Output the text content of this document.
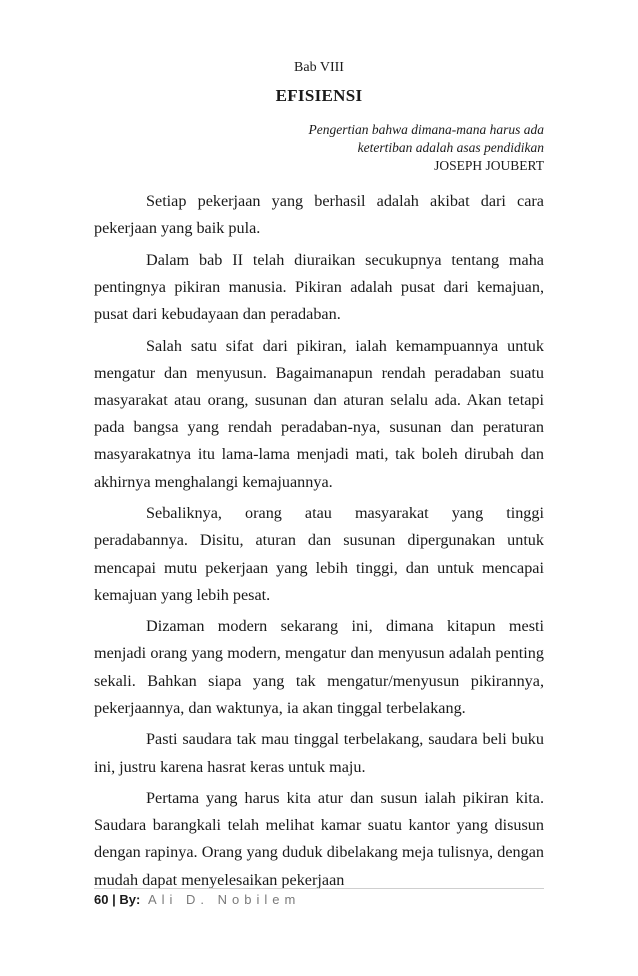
Bab VIII
EFISIENSI
Pengertian bahwa dimana-mana harus ada
ketertiban adalah asas pendidikan
JOSEPH JOUBERT

Setiap pekerjaan yang berhasil adalah akibat dari cara pekerjaan yang baik pula.

Dalam bab II telah diuraikan secukupnya tentang maha pentingnya pikiran manusia. Pikiran adalah pusat dari kemajuan, pusat dari kebudayaan dan peradaban.

Salah satu sifat dari pikiran, ialah kemampuannya untuk mengatur dan menyusun. Bagaimanapun rendah peradaban suatu masyarakat atau orang, susunan dan aturan selalu ada. Akan tetapi pada bangsa yang rendah peradaban-nya, susunan dan peraturan masyarakatnya itu lama-lama menjadi mati, tak boleh dirubah dan akhirnya menghalangi kemajuannya.

Sebaliknya, orang atau masyarakat yang tinggi peradabannya. Disitu, aturan dan susunan dipergunakan untuk mencapai mutu pekerjaan yang lebih tinggi, dan untuk mencapai kemajuan yang lebih pesat.

Dizaman modern sekarang ini, dimana kitapun mesti menjadi orang yang modern, mengatur dan menyusun adalah penting sekali. Bahkan siapa yang tak mengatur/menyusun pikirannya, pekerjaannya, dan waktunya, ia akan tinggal terbelakang.

Pasti saudara tak mau tinggal terbelakang, saudara beli buku ini, justru karena hasrat keras untuk maju.

Pertama yang harus kita atur dan susun ialah pikiran kita. Saudara barangkali telah melihat kamar suatu kantor yang disusun dengan rapinya. Orang yang duduk dibelakang meja tulisnya, dengan mudah dapat menyelesaikan pekerjaan

60 | By: Ali D. Nobilem
